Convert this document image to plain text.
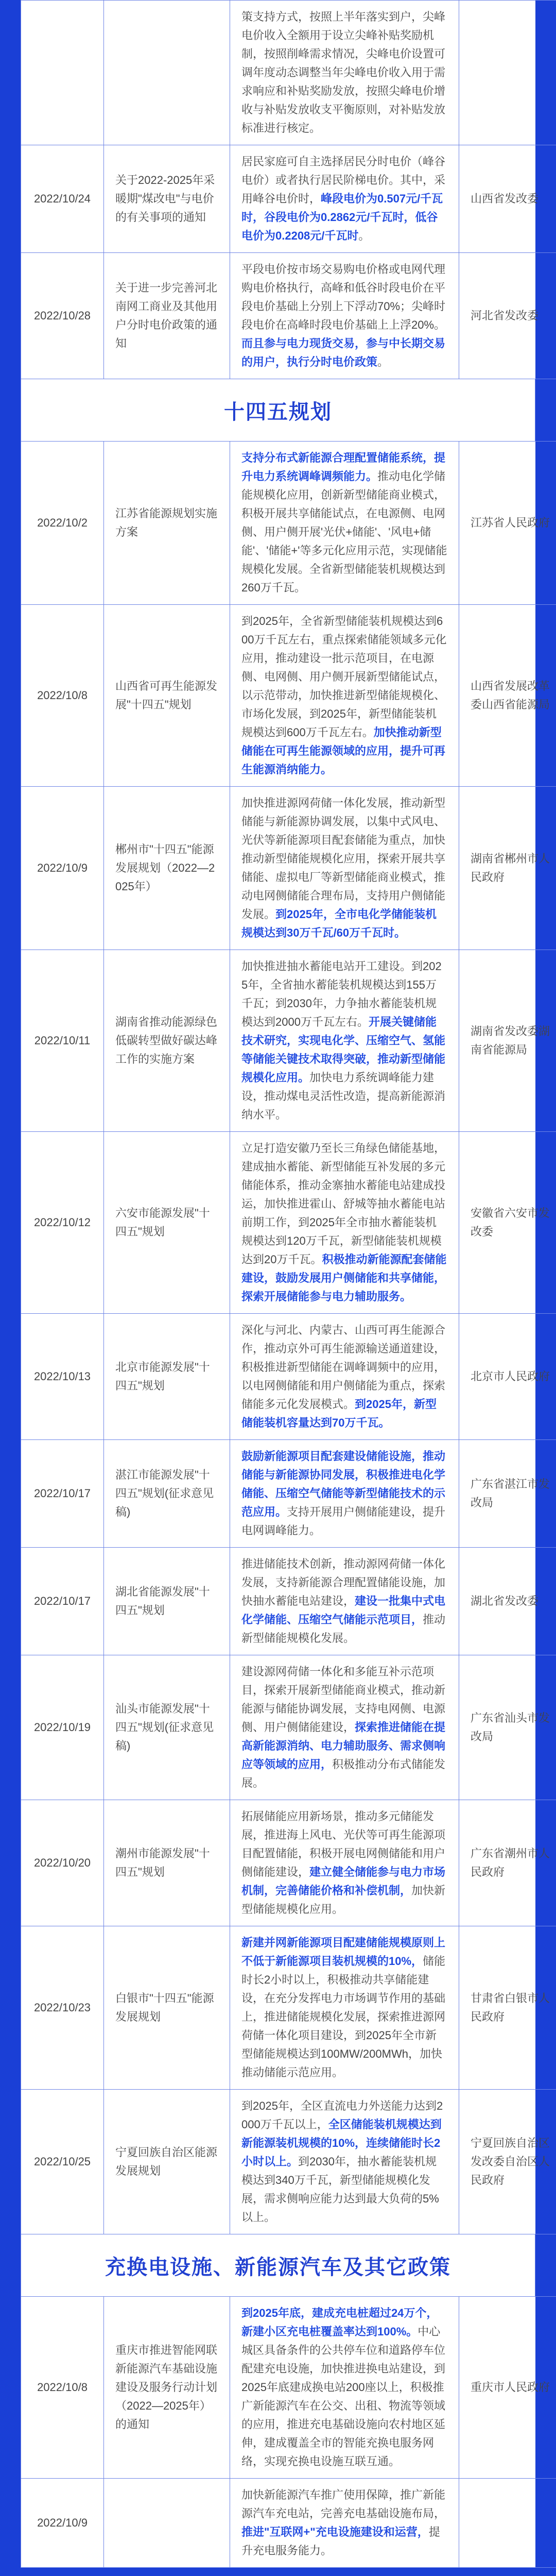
		策支持方式，按照上半年落实到户，尖峰电价收入全额用于设立尖峰补贴奖励机制，按照削峰需求情况，尖峰电价设置可调年度动态调整当年尖峰电价收入用于需求响应和补贴奖励发放，按照尖峰电价增收与补贴发放收支平衡原则，对补贴发放标准进行核定。	
2022/10/24	关于2022-2025年采暖期"煤改电"与电价的有关事项的通知	居民家庭可自主选择居民分时电价（峰谷电价）或者执行居民阶梯电价。其中，采用峰谷电价时，峰段电价为0.507元/千瓦时，谷段电价为0.2862元/千瓦时，低谷电价为0.2208元/千瓦时。	山西省发改委
2022/10/28	关于进一步完善河北南网工商业及其他用户分时电价政策的通知	平段电价按市场交易购电价格或电网代理购电价格执行，高峰和低谷时段电价在平段电价基础上分别上下浮动70%；尖峰时段电价在高峰时段电价基础上上浮20%。而且参与电力现货交易，参与中长期交易的用户，执行分时电价政策。	河北省发改委
十四五规划
2022/10/2	江苏省能源规划实施方案	支持分布式新能源合理配置储能系统，提升电力系统调峰调频能力。推动电化学储能规模化应用，创新新型储能商业模式，积极开展共享储能试点，在电源侧、电网侧、用户侧开展'光伏+储能'、'风电+储能'、'储能+'等多元化应用示范，实现储能规模化发展。全省新型储能装机规模达到260万千瓦。	江苏省人民政府
2022/10/8	山西省可再生能源发展"十四五"规划	到2025年，全省新型储能装机规模达到600万千瓦左右，重点探索储能领域多元化应用，推动建设一批示范项目，在电源侧、电网侧、用户侧开展新型储能试点，以示范带动，加快推进新型储能规模化、市场化发展，到2025年，新型储能装机规模达到600万千瓦左右。加快推动新型储能在可再生能源领域的应用，提升可再生能源消纳能力。	山西省发展改革委山西省能源局
2022/10/9	郴州市"十四五"能源发展规划（2022—2025年）	加快推进源网荷储一体化发展，推动新型储能与新能源协调发展，以集中式风电、光伏等新能源项目配套储能为重点，加快推动新型储能规模化应用，探索开展共享储能、虚拟电厂等新型储能商业模式，推动电网侧储能合理布局，支持用户侧储能发展。到2025年，全市电化学储能装机规模达到30万千瓦/60万千瓦时。	湖南省郴州市人民政府
2022/10/11	湖南省推动能源绿色低碳转型做好碳达峰工作的实施方案	加快推进抽水蓄能电站开工建设。到2025年，全省抽水蓄能装机规模达到155万千瓦；到2030年，力争抽水蓄能装机规模达到2000万千瓦左右。开展关键储能技术研究，实现电化学、压缩空气、氢能等储能关键技术取得突破，推动新型储能规模化应用。加快电力系统调峰能力建设，推动煤电灵活性改造，提高新能源消纳水平。	湖南省发改委湖南省能源局
2022/10/12	六安市能源发展"十四五"规划	立足打造安徽乃至长三角绿色储能基地，建成抽水蓄能、新型储能互补发展的多元储能体系，推动金寨抽水蓄能电站建成投运，加快推进霍山、舒城等抽水蓄能电站前期工作，到2025年全市抽水蓄能装机规模达到120万千瓦，新型储能装机规模达到20万千瓦。积极推动新能源配套储能建设，鼓励发展用户侧储能和共享储能，探索开展储能参与电力辅助服务。	安徽省六安市发改委
2022/10/13	北京市能源发展"十四五"规划	深化与河北、内蒙古、山西可再生能源合作，推动京外可再生能源输送通道建设，积极推进新型储能在调峰调频中的应用，以电网侧储能和用户侧储能为重点，探索储能多元化发展模式。到2025年，新型储能装机容量达到70万千瓦。	北京市人民政府
2022/10/17	湛江市能源发展"十四五"规划(征求意见稿)	鼓励新能源项目配套建设储能设施，推动储能与新能源协同发展，积极推进电化学储能、压缩空气储能等新型储能技术的示范应用。支持开展用户侧储能建设，提升电网调峰能力。	广东省湛江市发改局
2022/10/17	湖北省能源发展"十四五"规划	推进储能技术创新，推动源网荷储一体化发展，支持新能源合理配置储能设施，加快抽水蓄能电站建设，建设一批集中式电化学储能、压缩空气储能示范项目，推动新型储能规模化发展。	湖北省发改委
2022/10/19	汕头市能源发展"十四五"规划(征求意见稿)	建设源网荷储一体化和多能互补示范项目，探索开展新型储能商业模式，推动新能源与储能协调发展，支持电网侧、电源侧、用户侧储能建设，探索推进储能在提高新能源消纳、电力辅助服务、需求侧响应等领域的应用，积极推动分布式储能发展。	广东省汕头市发改局
2022/10/20	潮州市能源发展"十四五"规划	拓展储能应用新场景，推动多元储能发展，推进海上风电、光伏等可再生能源项目配置储能，积极开展电网侧储能和用户侧储能建设，建立健全储能参与电力市场机制，完善储能价格和补偿机制，加快新型储能规模化应用。	广东省潮州市人民政府
2022/10/23	白银市"十四五"能源发展规划	新建并网新能源项目配建储能规模原则上不低于新能源项目装机规模的10%，储能时长2小时以上，积极推动共享储能建设，在充分发挥电力市场调节作用的基础上，推进储能规模化发展，探索推进源网荷储一体化项目建设，到2025年全市新型储能规模达到100MW/200MWh，加快推动储能示范应用。	甘肃省白银市人民政府
2022/10/25	宁夏回族自治区能源发展规划	到2025年，全区直流电力外送能力达到2000万千瓦以上，全区储能装机规模达到新能源装机规模的10%，连续储能时长2小时以上。到2030年，抽水蓄能装机规模达到340万千瓦，新型储能规模化发展，需求侧响应能力达到最大负荷的5%以上。	宁夏回族自治区发改委自治区人民政府
充换电设施、新能源汽车及其它政策
2022/10/8	重庆市推进智能网联新能源汽车基础设施建设及服务行动计划（2022—2025年）的通知	到2025年底，建成充电桩超过24万个，新建小区充电桩覆盖率达到100%。中心城区具备条件的公共停车位和道路停车位配建充电设施，加快推进换电站建设，到2025年底建成换电站200座以上，积极推广新能源汽车在公交、出租、物流等领域的应用，推进充电基础设施向农村地区延伸，建成覆盖全市的智能充换电服务网络，实现充换电设施互联互通。	重庆市人民政府
2022/10/9		加快新能源汽车推广使用保障，推广新能源汽车充电站，完善充电基础设施布局，推进"互联网+"充电设施建设和运营，提升充电服务能力。	
